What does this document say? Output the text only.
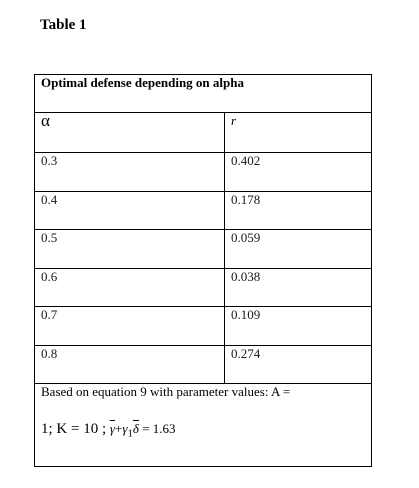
Table 1
Optimal defense depending on alpha	
α	r
0.3	0.402
0.4	0.178
0.5	0.059
0.6	0.038
0.7	0.109
0.8	0.274
Based on equation 9 with parameter values: A =
1; K = 10 ; $\overline{\gamma}+\gamma_1\overline{\delta} = 1.63$	
